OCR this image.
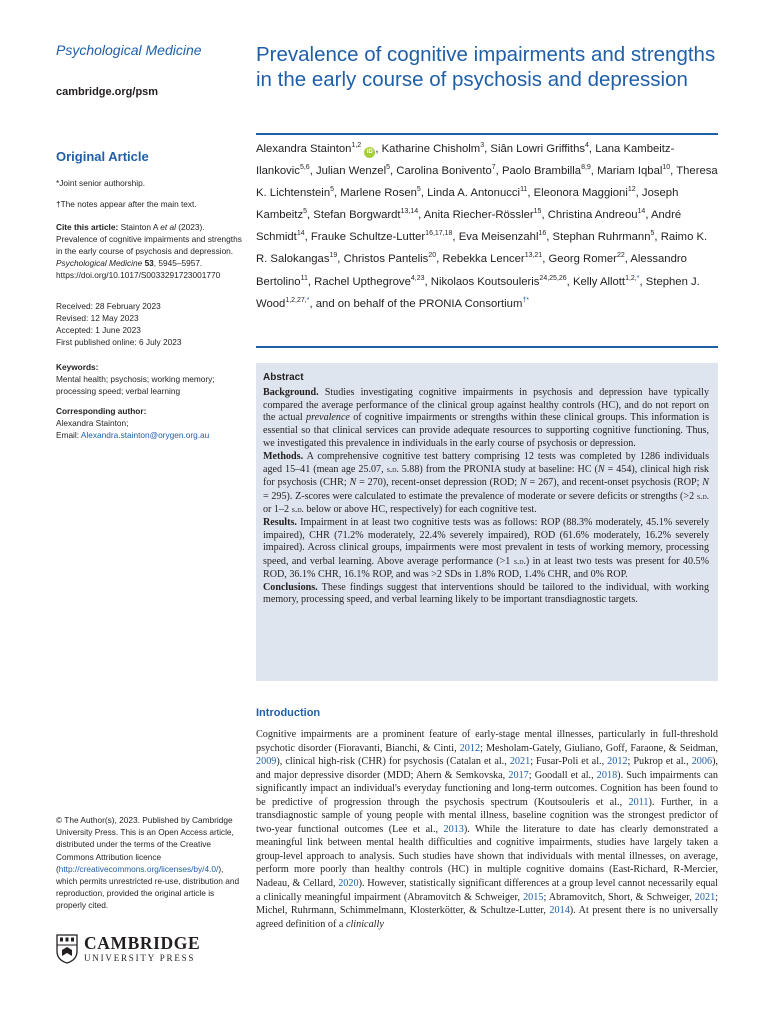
Psychological Medicine

cambridge.org/psm

Original Article

*Joint senior authorship.

†The notes appear after the main text.

Cite this article: Stainton A et al (2023). Prevalence of cognitive impairments and strengths in the early course of psychosis and depression. Psychological Medicine 53, 5945–5957. https://doi.org/10.1017/S0033291723001770

Received: 28 February 2023
Revised: 12 May 2023
Accepted: 1 June 2023
First published online: 6 July 2023

Keywords:
Mental health; psychosis; working memory; processing speed; verbal learning

Corresponding author:
Alexandra Stainton;
Email: Alexandra.stainton@orygen.org.au

© The Author(s), 2023. Published by Cambridge University Press. This is an Open Access article, distributed under the terms of the Creative Commons Attribution licence (http://creativecommons.org/licenses/by/4.0/), which permits unrestricted re-use, distribution and reproduction, provided the original article is properly cited.

CAMBRIDGE
UNIVERSITY PRESS
Prevalence of cognitive impairments and strengths in the early course of psychosis and depression

Alexandra Stainton$^{1,2}$ iD , Katharine Chisholm$^3$, Siân Lowri Griffiths$^4$, Lana Kambeitz-Ilankovic$^{5,6}$, Julian Wenzel$^5$, Carolina Bonivento$^7$, Paolo Brambilla$^{8,9}$, Mariam Iqbal$^{10}$, Theresa K. Lichtenstein$^5$, Marlene Rosen$^5$, Linda A. Antonucci$^{11}$, Eleonora Maggioni$^{12}$, Joseph Kambeitz$^5$, Stefan Borgwardt$^{13,14}$, Anita Riecher-Rössler$^{15}$, Christina Andreou$^{14}$, André Schmidt$^{14}$, Frauke Schultze-Lutter$^{16,17,18}$, Eva Meisenzahl$^{16}$, Stephan Ruhrmann$^5$, Raimo K. R. Salokangas$^{19}$, Christos Pantelis$^{20}$, Rebekka Lencer$^{13,21}$, Georg Romer$^{22}$, Alessandro Bertolino$^{11}$, Rachel Upthegrove$^{4,23}$, Nikolaos Koutsouleris$^{24,25,26}$, Kelly Allott$^{1,2,*}$, Stephen J. Wood$^{1,2,27,*}$, and on behalf of the PRONIA Consortium†*

Abstract

Background. Studies investigating cognitive impairments in psychosis and depression have typically compared the average performance of the clinical group against healthy controls (HC), and do not report on the actual prevalence of cognitive impairments or strengths within these clinical groups. This information is essential so that clinical services can provide adequate resources to supporting cognitive functioning. Thus, we investigated this prevalence in individuals in the early course of psychosis or depression.
Methods. A comprehensive cognitive test battery comprising 12 tests was completed by 1286 individuals aged 15–41 (mean age 25.07, s.d. 5.88) from the PRONIA study at baseline: HC (N = 454), clinical high risk for psychosis (CHR; N = 270), recent-onset depression (ROD; N = 267), and recent-onset psychosis (ROP; N = 295). Z-scores were calculated to estimate the prevalence of moderate or severe deficits or strengths (>2 s.d. or 1–2 s.d. below or above HC, respectively) for each cognitive test.
Results. Impairment in at least two cognitive tests was as follows: ROP (88.3% moderately, 45.1% severely impaired), CHR (71.2% moderately, 22.4% severely impaired), ROD (61.6% moderately, 16.2% severely impaired). Across clinical groups, impairments were most prevalent in tests of working memory, processing speed, and verbal learning. Above average performance (>1 s.d.) in at least two tests was present for 40.5% ROD, 36.1% CHR, 16.1% ROP, and was >2 SDs in 1.8% ROD, 1.4% CHR, and 0% ROP.
Conclusions. These findings suggest that interventions should be tailored to the individual, with working memory, processing speed, and verbal learning likely to be important transdiagnostic targets.

Introduction

Cognitive impairments are a prominent feature of early-stage mental illnesses, particularly in full-threshold psychotic disorder (Fioravanti, Bianchi, & Cinti, 2012; Mesholam-Gately, Giuliano, Goff, Faraone, & Seidman, 2009), clinical high-risk (CHR) for psychosis (Catalan et al., 2021; Fusar-Poli et al., 2012; Pukrop et al., 2006), and major depressive disorder (MDD; Ahern & Semkovska, 2017; Goodall et al., 2018). Such impairments can significantly impact an individual's everyday functioning and long-term outcomes. Cognition has been found to be predictive of progression through the psychosis spectrum (Koutsouleris et al., 2011). Further, in a transdiagnostic sample of young people with mental illness, baseline cognition was the strongest predictor of two-year functional outcomes (Lee et al., 2013). While the literature to date has clearly demonstrated a meaningful link between mental health difficulties and cognitive impairments, studies have largely taken a group-level approach to analysis. Such studies have shown that individuals with mental illnesses, on average, perform more poorly than healthy controls (HC) in multiple cognitive domains (East-Richard, R-Mercier, Nadeau, & Cellard, 2020). However, statistically significant differences at a group level cannot necessarily equal a clinically meaningful impairment (Abramovitch & Schweiger, 2015; Abramovitch, Short, & Schweiger, 2021; Michel, Ruhrmann, Schimmelmann, Klosterkötter, & Schultze-Lutter, 2014). At present there is no universally agreed definition of a clinically
